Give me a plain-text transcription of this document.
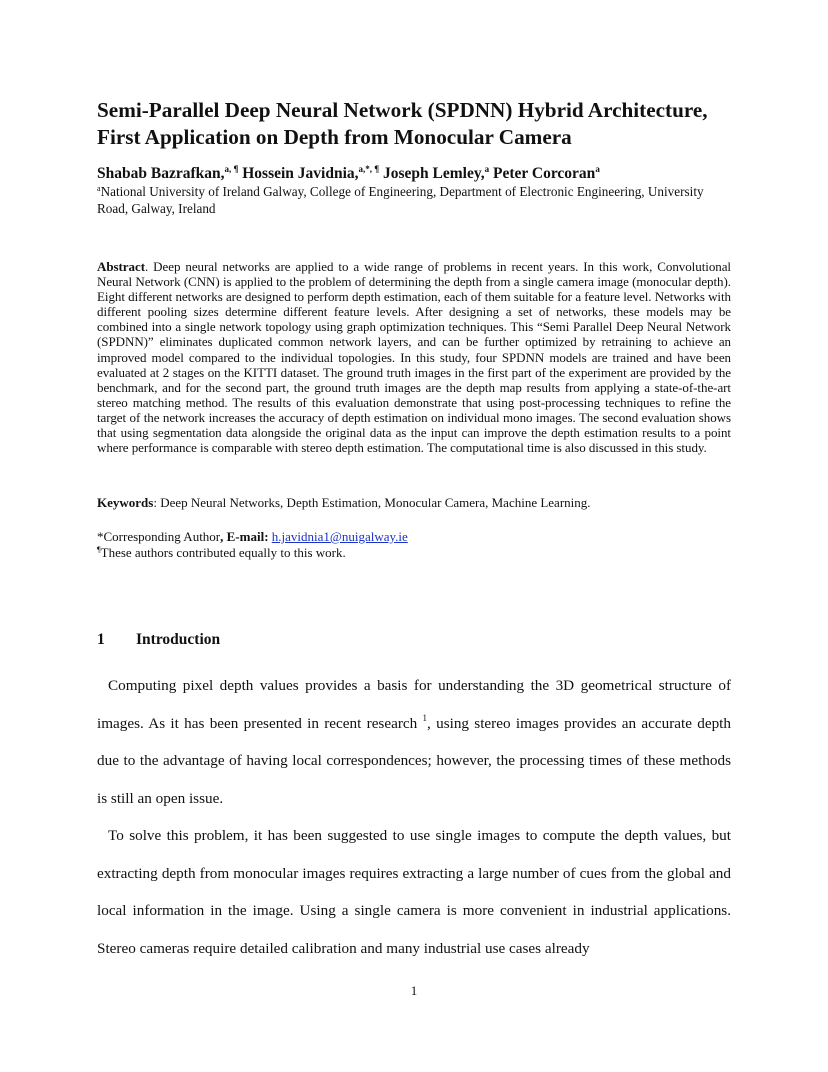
Semi-Parallel Deep Neural Network (SPDNN) Hybrid Architecture,
First Application on Depth from Monocular Camera
Shabab Bazrafkan,$^{a, \P}$ Hossein Javidnia,$^{a,*, \P}$ Joseph Lemley,$^a$ Peter Corcoran$^a$
$^a$National University of Ireland Galway, College of Engineering, Department of Electronic Engineering, University Road, Galway, Ireland

Abstract. Deep neural networks are applied to a wide range of problems in recent years. In this work, Convolutional Neural Network (CNN) is applied to the problem of determining the depth from a single camera image (monocular depth). Eight different networks are designed to perform depth estimation, each of them suitable for a feature level. Networks with different pooling sizes determine different feature levels. After designing a set of networks, these models may be combined into a single network topology using graph optimization techniques. This “Semi Parallel Deep Neural Network (SPDNN)” eliminates duplicated common network layers, and can be further optimized by retraining to achieve an improved model compared to the individual topologies. In this study, four SPDNN models are trained and have been evaluated at 2 stages on the KITTI dataset. The ground truth images in the first part of the experiment are provided by the benchmark, and for the second part, the ground truth images are the depth map results from applying a state-of-the-art stereo matching method. The results of this evaluation demonstrate that using post-processing techniques to refine the target of the network increases the accuracy of depth estimation on individual mono images. The second evaluation shows that using segmentation data alongside the original data as the input can improve the depth estimation results to a point where performance is comparable with stereo depth estimation. The computational time is also discussed in this study.

Keywords: Deep Neural Networks, Depth Estimation, Monocular Camera, Machine Learning.
*Corresponding Author, E-mail: h.javidnia1@nuigalway.ie
¶These authors contributed equally to this work.
1 Introduction

Computing pixel depth values provides a basis for understanding the 3D geometrical structure of images. As it has been presented in recent research $^1$, using stereo images provides an accurate depth due to the advantage of having local correspondences; however, the processing times of these methods is still an open issue.

To solve this problem, it has been suggested to use single images to compute the depth values, but extracting depth from monocular images requires extracting a large number of cues from the global and local information in the image. Using a single camera is more convenient in industrial applications. Stereo cameras require detailed calibration and many industrial use cases already

1
